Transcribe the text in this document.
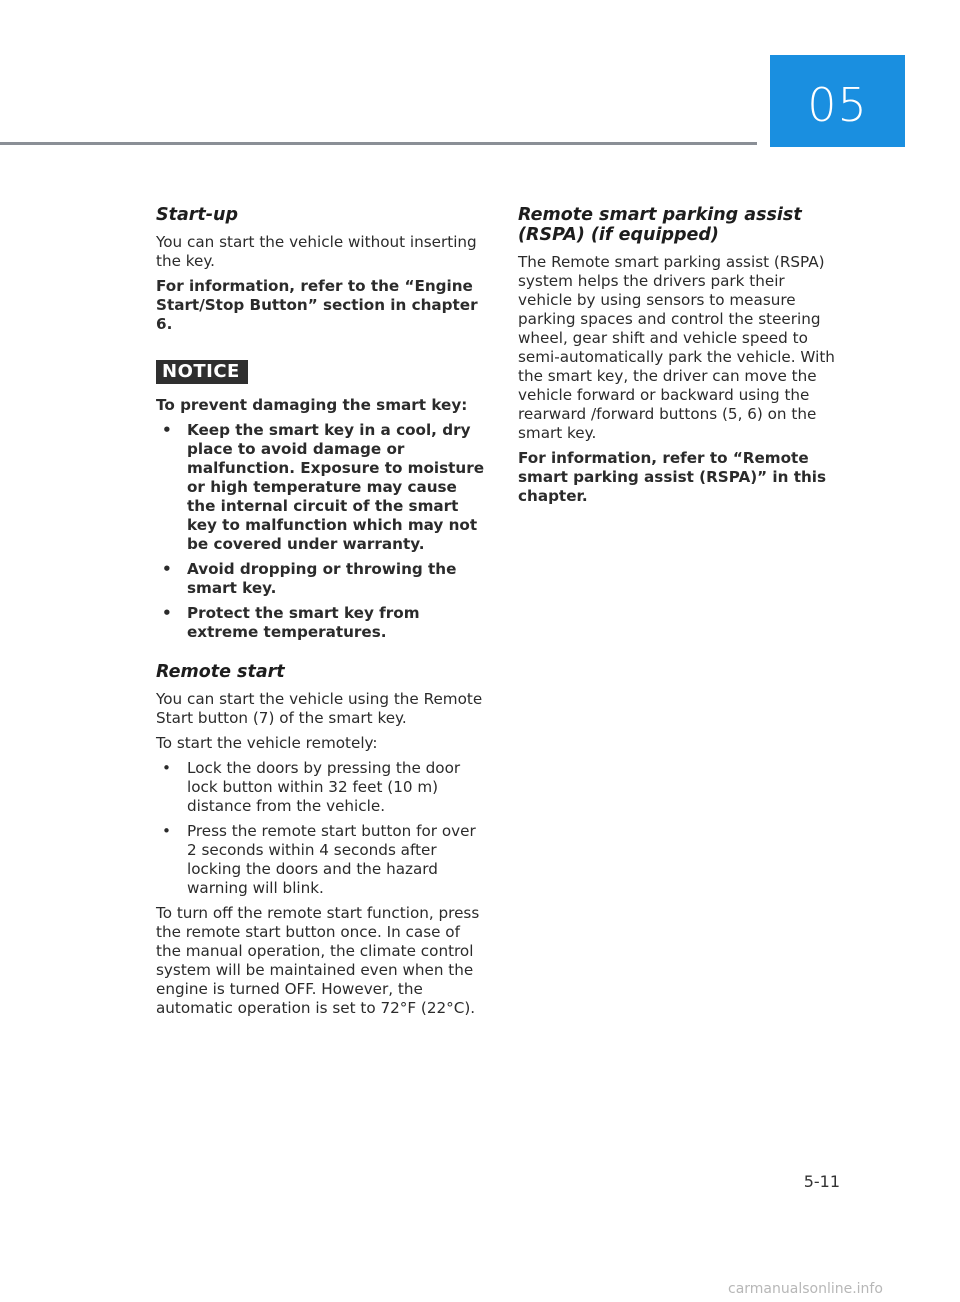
05
Start-up

You can start the vehicle without inserting the key.

For information, refer to the “Engine Start/Stop Button” section in chapter 6.

NOTICE

To prevent damaging the smart key:

• Keep the smart key in a cool, dry place to avoid damage or malfunction. Exposure to moisture or high temperature may cause the internal circuit of the smart key to malfunction which may not be covered under warranty.
• Avoid dropping or throwing the smart key.
• Protect the smart key from extreme temperatures.
Remote start

You can start the vehicle using the Remote Start button (7) of the smart key.

To start the vehicle remotely:

• Lock the doors by pressing the door lock button within 32 feet (10 m) distance from the vehicle.
• Press the remote start button for over 2 seconds within 4 seconds after locking the doors and the hazard warning will blink.

To turn off the remote start function, press the remote start button once. In case of the manual operation, the climate control system will be maintained even when the engine is turned OFF. However, the automatic operation is set to 72°F (22°C).

Remote smart parking assist (RSPA) (if equipped)

The Remote smart parking assist (RSPA) system helps the drivers park their vehicle by using sensors to measure parking spaces and control the steering wheel, gear shift and vehicle speed to semi-automatically park the vehicle. With the smart key, the driver can move the vehicle forward or backward using the rearward /forward buttons (5, 6) on the smart key.

For information, refer to “Remote smart parking assist (RSPA)” in this chapter.

5-11
carmanualsonline.info
